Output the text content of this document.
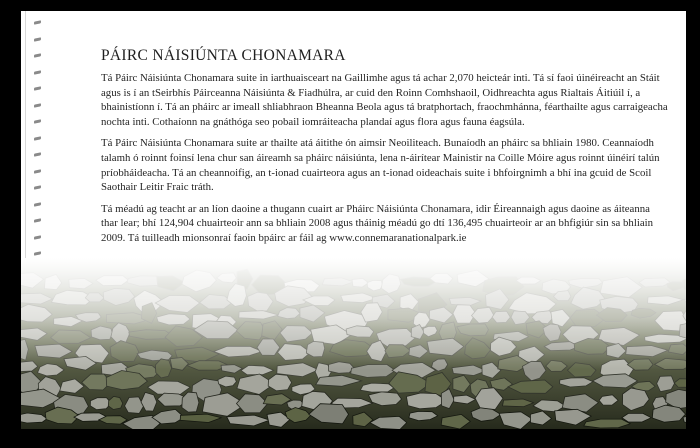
PÁIRC NÁISIÚNTA CHONAMARA

Tá Páirc Náisiúnta Chonamara suite in iarthuaisceart na Gaillimhe agus tá achar 2,070 heicteár inti. Tá sí faoi úinéireacht an Stáit agus is í an tSeirbhís Páirceanna Náisiúnta & Fiadhúlra, ar cuid den Roinn Comhshaoil, Oidhreachta agus Rialtais Áitiúil í, a bhainistíonn í. Tá an pháirc ar imeall shliabhraon Bheanna Beola agus tá bratphortach, fraochmhánna, féarthailte agus carraigeacha nochta inti. Cothaíonn na gnáthóga seo pobail iomráiteacha plandaí agus flora agus fauna éagsúla.

Tá Páirc Náisiúnta Chonamara suite ar thailte atá áitithe ón aimsir Neoiliteach. Bunaíodh an pháirc sa bhliain 1980. Ceannaíodh talamh ó roinnt foinsí lena chur san áireamh sa pháirc náisiúnta, lena n-áirítear Mainistir na Coille Móire agus roinnt úinéirí talún príobháideacha. Tá an cheannoifig, an t-ionad cuairteora agus an t-ionad oideachais suite i bhfoirgnimh a bhí ina gcuid de Scoil Saothair Leitir Fraic tráth.

Tá méadú ag teacht ar an líon daoine a thugann cuairt ar Pháirc Náisiúnta Chonamara, idir Éireannaigh agus daoine as áiteanna thar lear; bhí 124,904 chuairteoir ann sa bhliain 2008 agus tháinig méadú go dtí 136,495 chuairteoir ar an bhfigiúr sin sa bhliain 2009. Tá tuilleadh mionsonraí faoin bpáirc ar fáil ag www.connemaranationalpark.ie
